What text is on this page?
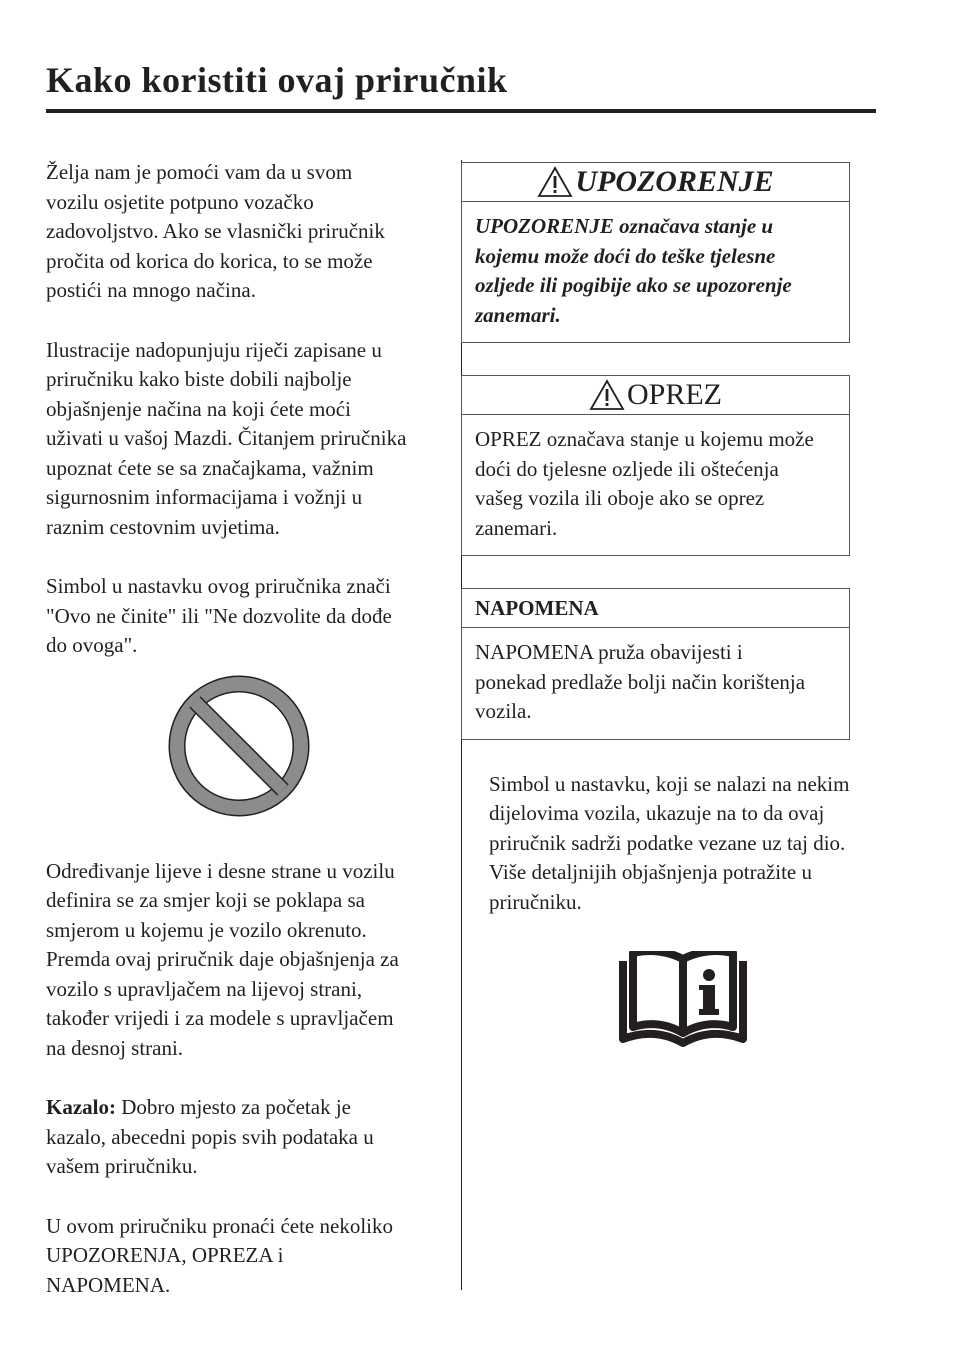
Kako koristiti ovaj priručnik

Želja nam je pomoći vam da u svom
vozilu osjetite potpuno vozačko
zadovoljstvo. Ako se vlasnički priručnik
pročita od korica do korica, to se može
postići na mnogo načina.

Ilustracije nadopunjuju riječi zapisane u
priručniku kako biste dobili najbolje
objašnjenje načina na koji ćete moći
uživati u vašoj Mazdi. Čitanjem priručnika
upoznat ćete se sa značajkama, važnim
sigurnosnim informacijama i vožnji u
raznim cestovnim uvjetima.

Simbol u nastavku ovog priručnika znači
"Ovo ne činite" ili "Ne dozvolite da dođe
do ovoga".

Određivanje lijeve i desne strane u vozilu
definira se za smjer koji se poklapa sa
smjerom u kojemu je vozilo okrenuto.
Premda ovaj priručnik daje objašnjenja za
vozilo s upravljačem na lijevoj strani,
također vrijedi i za modele s upravljačem
na desnoj strani.

Kazalo: Dobro mjesto za početak je
kazalo, abecedni popis svih podataka u
vašem priručniku.

U ovom priručniku pronaći ćete nekoliko
UPOZORENJA, OPREZA i
NAPOMENA.

UPOZORENJE
UPOZORENJE označava stanje u
kojemu može doći do teške tjelesne
ozljede ili pogibije ako se upozorenje
zanemari.
OPREZ
OPREZ označava stanje u kojemu može
doći do tjelesne ozljede ili oštećenja
vašeg vozila ili oboje ako se oprez
zanemari.
NAPOMENA
NAPOMENA pruža obavijesti i
ponekad predlaže bolji način korištenja
vozila.

Simbol u nastavku, koji se nalazi na nekim
dijelovima vozila, ukazuje na to da ovaj
priručnik sadrži podatke vezane uz taj dio.
Više detaljnijih objašnjenja potražite u
priručniku.
